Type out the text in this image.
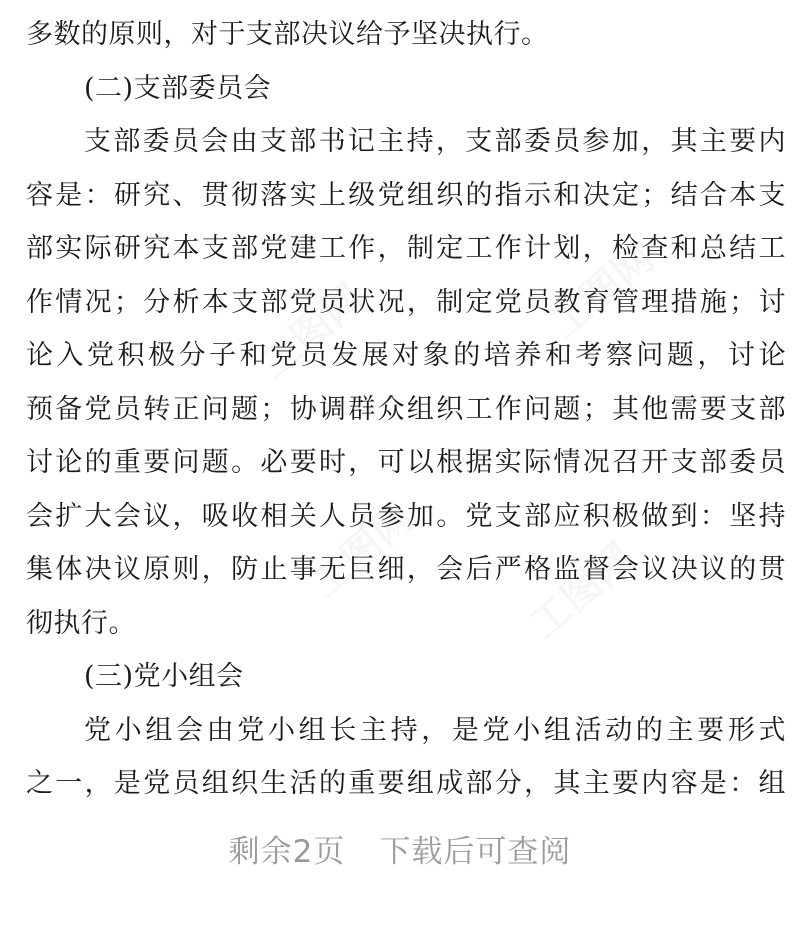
多数的原则，对于支部决议给予坚决执行。
(二)支部委员会
支部委员会由支部书记主持，支部委员参加，其主要内
容是：研究、贯彻落实上级党组织的指示和决定；结合本支
部实际研究本支部党建工作，制定工作计划，检查和总结工
作情况；分析本支部党员状况，制定党员教育管理措施；讨
论入党积极分子和党员发展对象的培养和考察问题，讨论
预备党员转正问题；协调群众组织工作问题；其他需要支部
讨论的重要问题。必要时，可以根据实际情况召开支部委员
会扩大会议，吸收相关人员参加。党支部应积极做到：坚持
集体决议原则，防止事无巨细，会后严格监督会议决议的贯
彻执行。
(三)党小组会
党小组会由党小组长主持，是党小组活动的主要形式
之一，是党员组织生活的重要组成部分，其主要内容是：组
剩余2页 下载后可查阅
